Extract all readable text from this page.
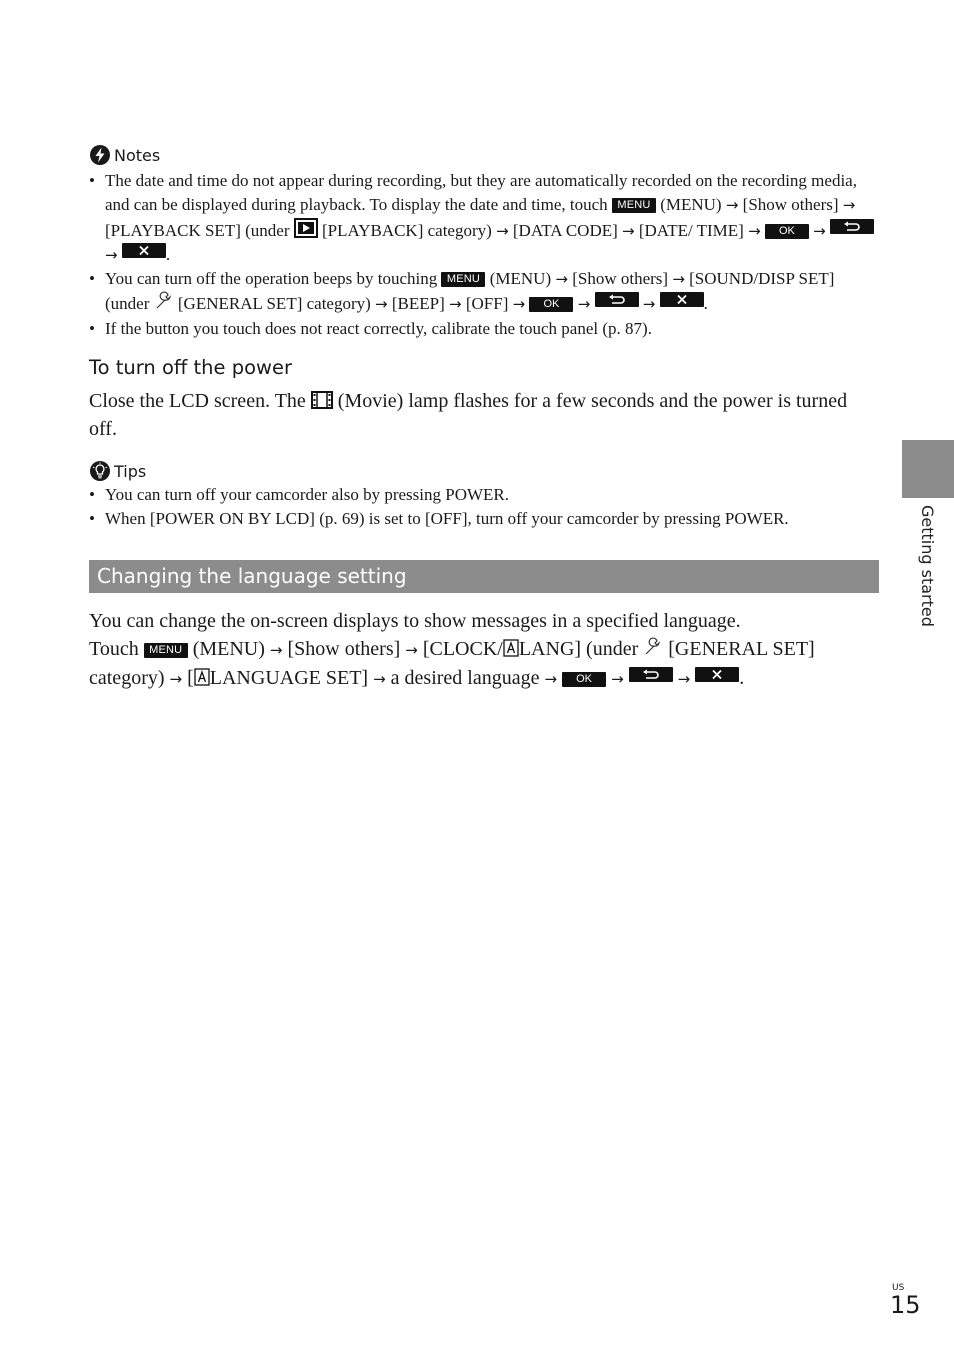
Notes
• The date and time do not appear during recording, but they are automatically recorded on the recording media, and can be displayed during playback. To display the date and time, touch MENU (MENU) → [Show others] → [PLAYBACK SET] (under [PLAYBACK] category) → [DATA CODE] → [DATE/ TIME] → OK →
→	.
• You can turn off the operation beeps by touching MENU (MENU) → [Show others] → [SOUND/DISP SET] (under [GENERAL SET] category) → [BEEP] → [OFF] → OK →	→	.
• If the button you touch does not react correctly, calibrate the touch panel (p. 87).
To turn off the power
Close the LCD screen. The (Movie) lamp flashes for a few seconds and the power is turned off.
Tips
• You can turn off your camcorder also by pressing POWER.
• When [POWER ON BY LCD] (p. 69) is set to [OFF], turn off your camcorder by pressing POWER.
Changing the language setting
You can change the on-screen displays to show messages in a specified language.
Touch MENU (MENU) → [Show others] → [CLOCK/ LANG] (under [GENERAL SET] category) → [ LANGUAGE SET] → a desired language → OK →	→ .
Getting started
US
15
